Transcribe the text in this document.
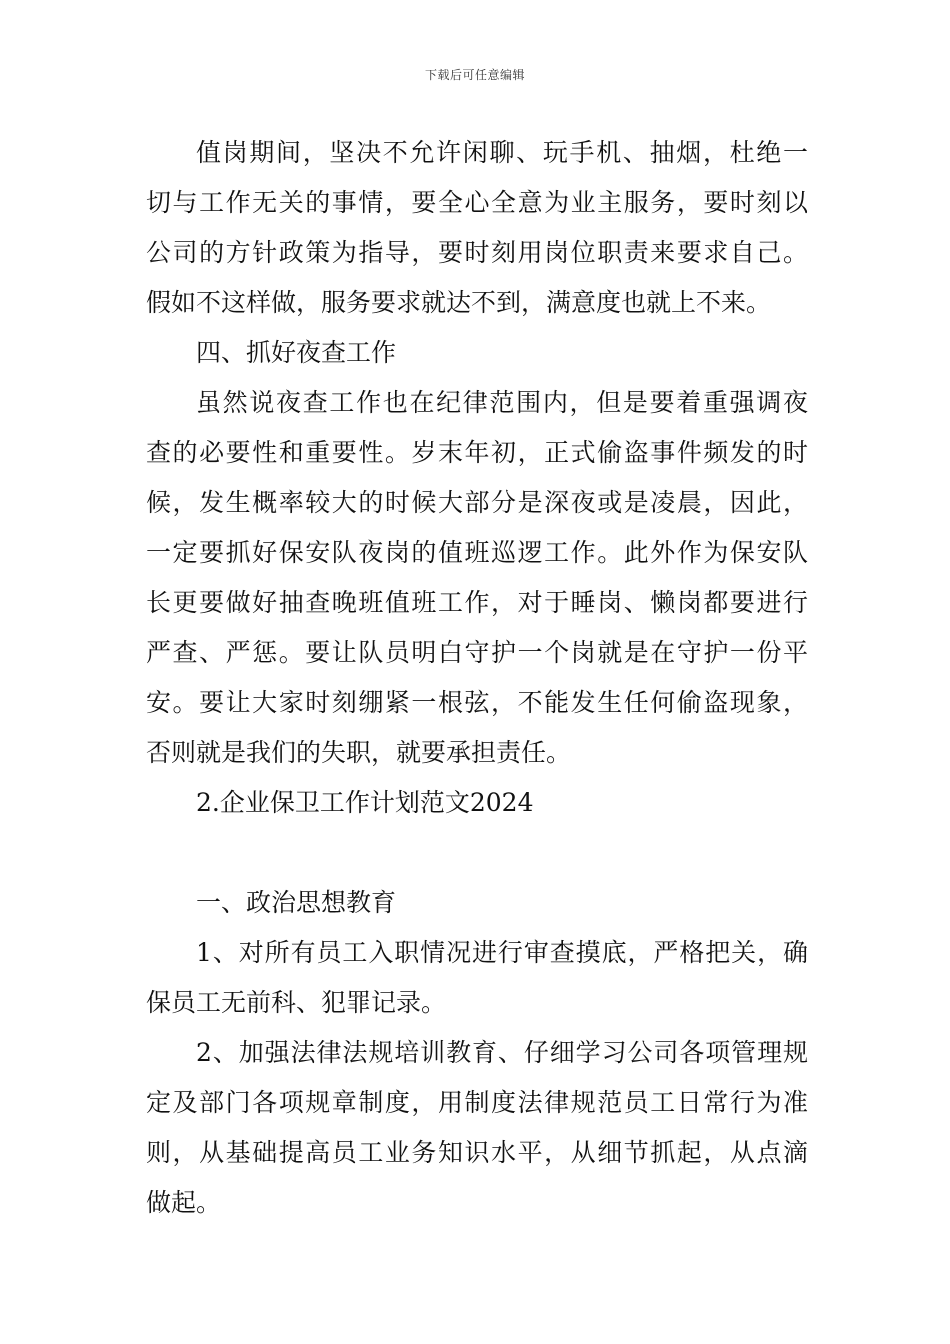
下载后可任意编辑
值岗期间，坚决不允许闲聊、玩手机、抽烟，杜绝一
切与工作无关的事情，要全心全意为业主服务，要时刻以
公司的方针政策为指导，要时刻用岗位职责来要求自己。
假如不这样做，服务要求就达不到，满意度也就上不来。
四、抓好夜查工作
虽然说夜查工作也在纪律范围内，但是要着重强调夜
查的必要性和重要性。岁末年初，正式偷盗事件频发的时
候，发生概率较大的时候大部分是深夜或是凌晨，因此，
一定要抓好保安队夜岗的值班巡逻工作。此外作为保安队
长更要做好抽查晚班值班工作，对于睡岗、懒岗都要进行
严查、严惩。要让队员明白守护一个岗就是在守护一份平
安。要让大家时刻绷紧一根弦，不能发生任何偷盗现象，
否则就是我们的失职，就要承担责任。
2.企业保卫工作计划范文2024
一、政治思想教育
1、对所有员工入职情况进行审查摸底，严格把关，确
保员工无前科、犯罪记录。
2、加强法律法规培训教育、仔细学习公司各项管理规
定及部门各项规章制度，用制度法律规范员工日常行为准
则，从基础提高员工业务知识水平，从细节抓起，从点滴
做起。
